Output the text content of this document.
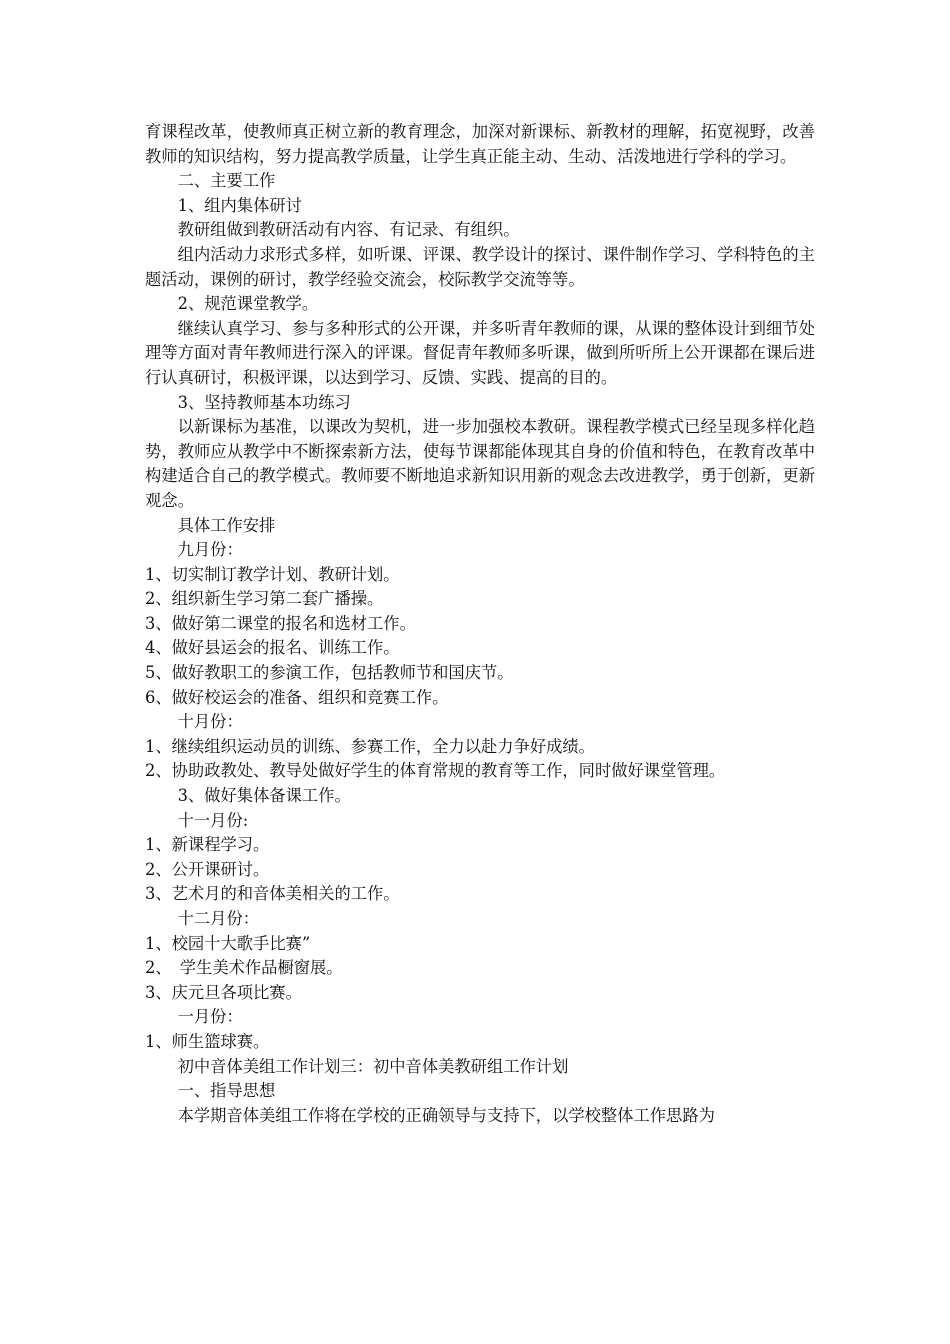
育课程改革，使教师真正树立新的教育理念，加深对新课标、新教材的理解，拓宽视野，改善教师的知识结构，努力提高教学质量，让学生真正能主动、生动、活泼地进行学科的学习。

二、主要工作

1、组内集体研讨

教研组做到教研活动有内容、有记录、有组织。

组内活动力求形式多样，如听课、评课、教学设计的探讨、课件制作学习、学科特色的主题活动，课例的研讨，教学经验交流会，校际教学交流等等。

2、规范课堂教学。

继续认真学习、参与多种形式的公开课，并多听青年教师的课，从课的整体设计到细节处理等方面对青年教师进行深入的评课。督促青年教师多听课，做到所听所上公开课都在课后进行认真研讨，积极评课，以达到学习、反馈、实践、提高的目的。

3、坚持教师基本功练习

以新课标为基准，以课改为契机，进一步加强校本教研。课程教学模式已经呈现多样化趋势，教师应从教学中不断探索新方法，使每节课都能体现其自身的价值和特色，在教育改革中构建适合自己的教学模式。教师要不断地追求新知识用新的观念去改进教学，勇于创新，更新观念。

具体工作安排

九月份：

1、切实制订教学计划、教研计划。

2、组织新生学习第二套广播操。

3、做好第二课堂的报名和选材工作。

4、做好县运会的报名、训练工作。

5、做好教职工的参演工作，包括教师节和国庆节。

6、做好校运会的准备、组织和竞赛工作。

十月份：

1、继续组织运动员的训练、参赛工作，全力以赴力争好成绩。

2、协助政教处、教导处做好学生的体育常规的教育等工作，同时做好课堂管理。

3、做好集体备课工作。

十一月份:

1、新课程学习。

2、公开课研讨。

3、艺术月的和音体美相关的工作。

十二月份：

1、校园十大歌手比赛”

2、　学生美术作品橱窗展。

3、庆元旦各项比赛。

一月份：

1、师生篮球赛。

初中音体美组工作计划三：初中音体美教研组工作计划

一、指导思想

本学期音体美组工作将在学校的正确领导与支持下，以学校整体工作思路为
